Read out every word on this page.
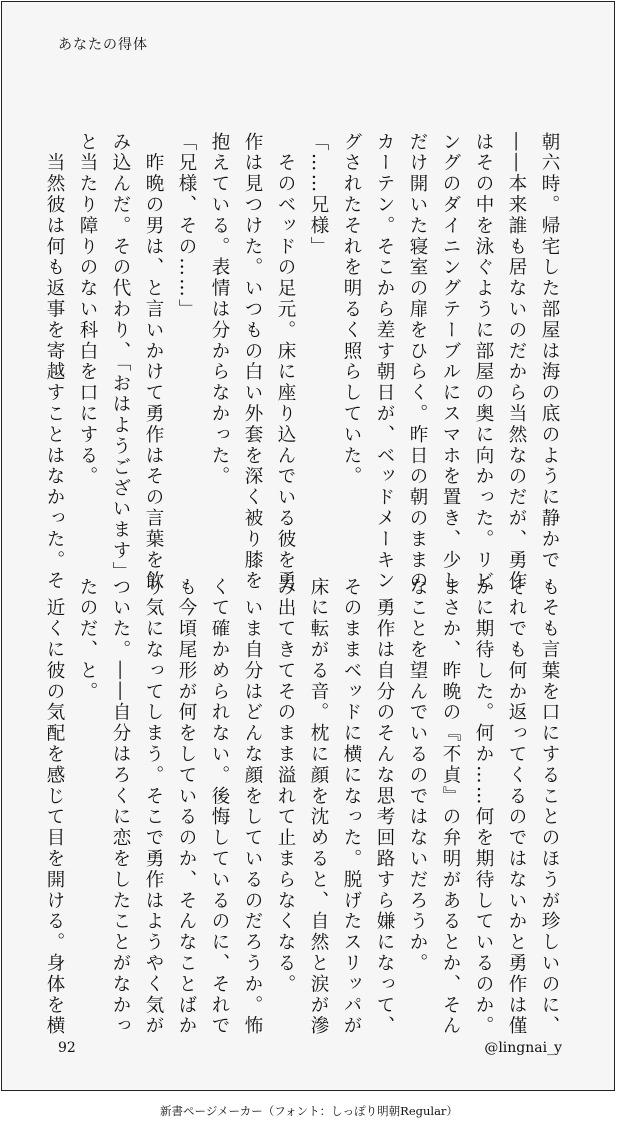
あなたの得体
朝六時。帰宅した部屋は海の底のように静かで
――本来誰も居ないのだから当然なのだが、勇作
はその中を泳ぐように部屋の奥に向かった。リビ
ングのダイニングテーブルにスマホを置き、少し
だけ開いた寝室の扉をひらく。昨日の朝のままの
カーテン。そこから差す朝日が、ベッドメーキン
グされたそれを明るく照らしていた。
「……兄様」
　そのベッドの足元。床に座り込んでいる彼を勇
作は見つけた。いつもの白い外套を深く被り膝を
抱えている。表情は分からなかった。
「兄様、その……」
　昨晩の男は、と言いかけて勇作はその言葉を飲
み込んだ。その代わり、「おはようございます」
と当たり障りのない科白を口にする。
　当然彼は何も返事を寄越すことはなかった。そ
もそも言葉を口にすることのほうが珍しいのに、
それでも何か返ってくるのではないかと勇作は僅
かに期待した。何か……何を期待しているのか。
まさか、昨晩の『不貞』の弁明があるとか、そん
なことを望んでいるのではないだろうか。
　勇作は自分のそんな思考回路すら嫌になって、
そのままベッドに横になった。脱げたスリッパが
床に転がる音。枕に顔を沈めると、自然と涙が滲
み出てきてそのまま溢れて止まらなくなる。
　いま自分はどんな顔をしているのだろうか。怖
くて確かめられない。後悔しているのに、それで
も今頃尾形が何をしているのか、そんなことばか
り気になってしまう。そこで勇作はようやく気が
ついた。――自分はろくに恋をしたことがなかっ
たのだ、と。
　近くに彼の気配を感じて目を開ける。身体を横
92	@lingnai_y
新書ページメーカー（フォント：しっぽり明朝Regular）
